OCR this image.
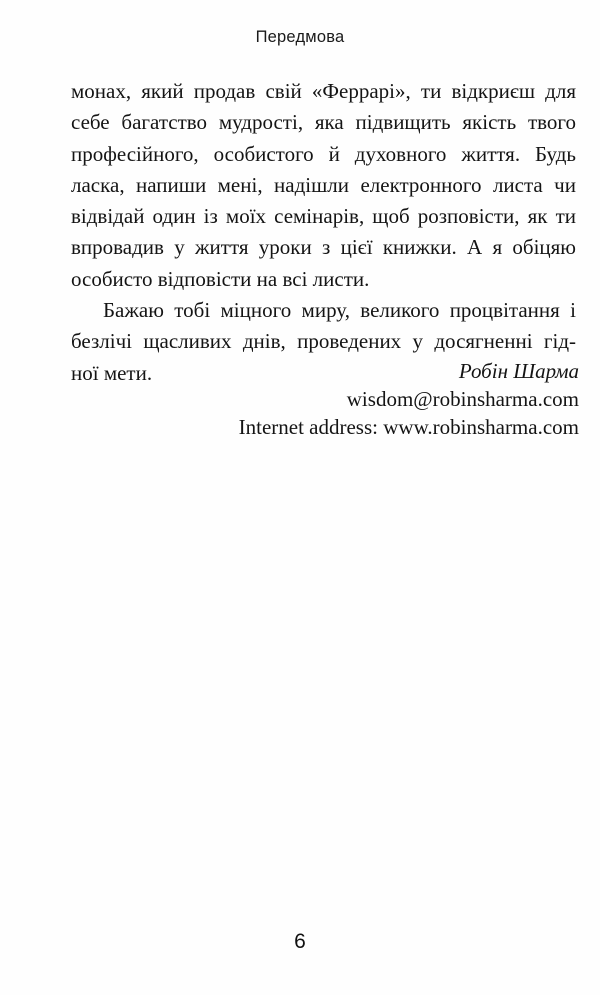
Передмова

монах, який продав свій «Феррарі», ти відкриєш для
себе багатство мудрості, яка підвищить якість твого
професійного, особистого й духовного життя. Будь
ласка, напиши мені, надішли електронного листа чи
відвідай один із моїх семінарів, щоб розповісти, як ти
впровадив у життя уроки з цієї книжки. А я обіцяю
особисто відповісти на всі листи.

Бажаю тобі міцного миру, великого процвітання і
безлічі щасливих днів, проведених у досягненні гід-
ної мети.	Робін Шарма
wisdom@robinsharma.com
Internet address: www.robinsharma.com
6
